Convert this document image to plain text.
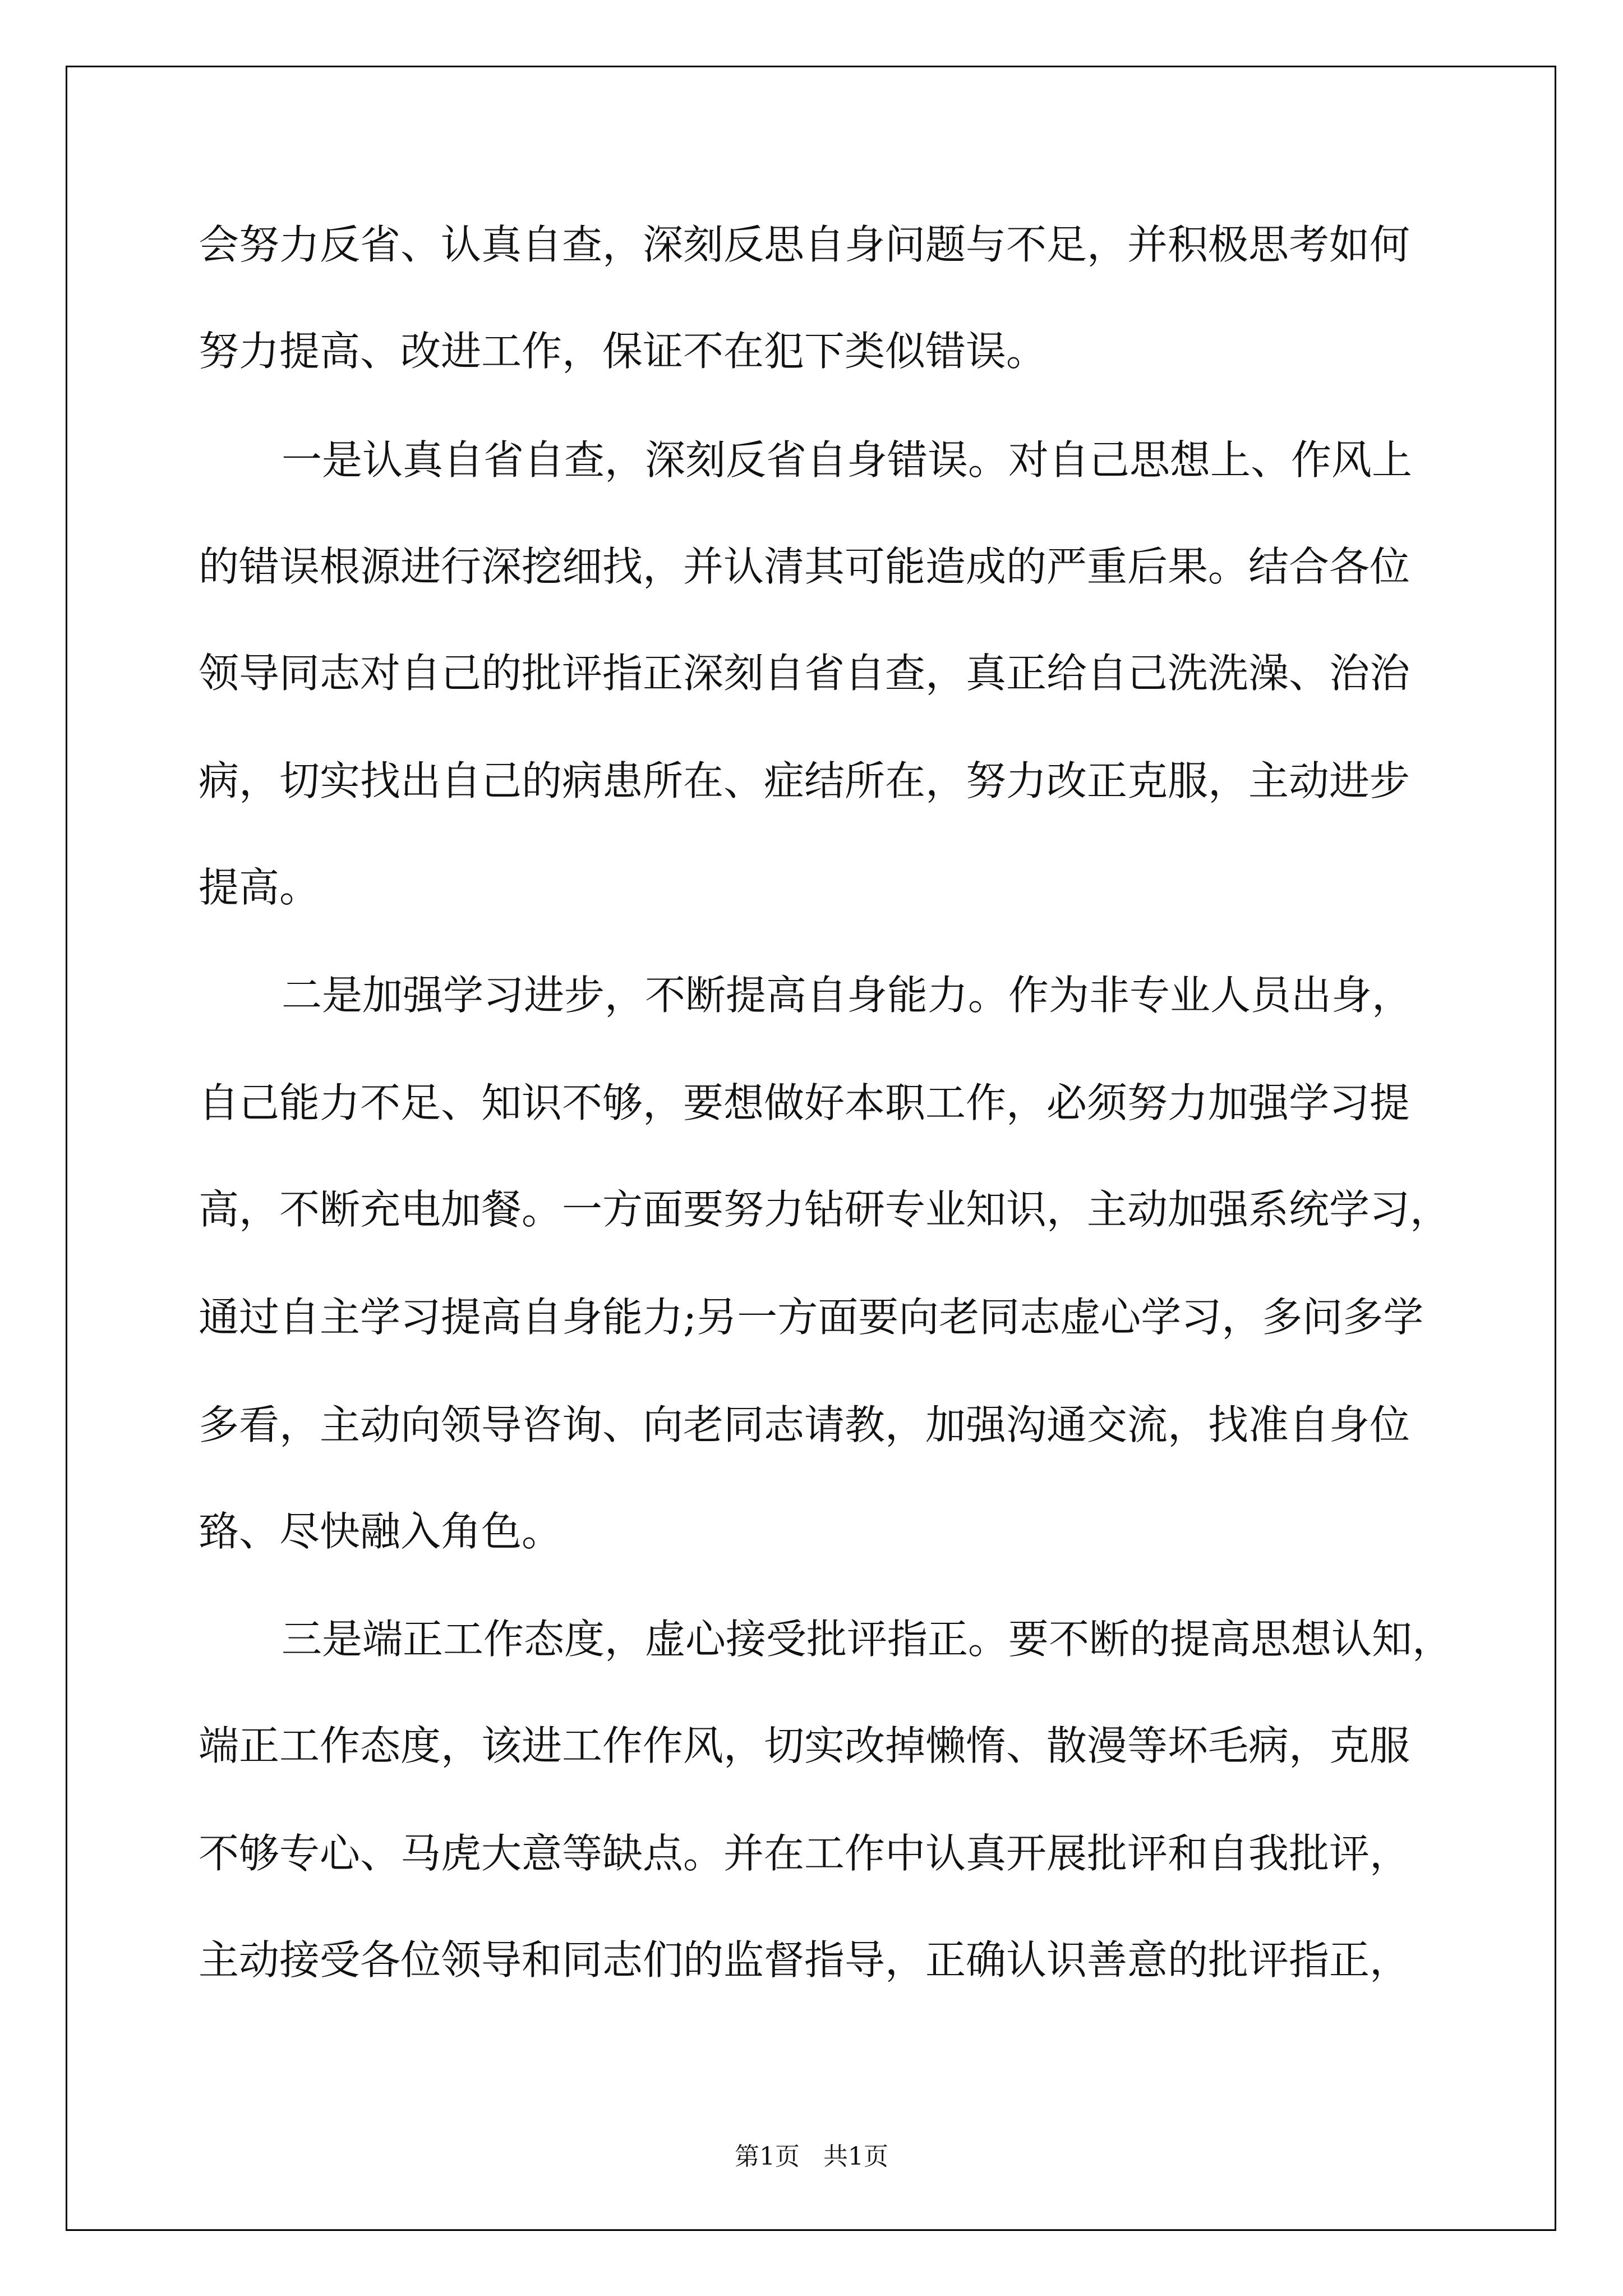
会努力反省、认真自查，深刻反思自身问题与不足，并积极思考如何
努力提高、改进工作，保证不在犯下类似错误。
一是认真自省自查，深刻反省自身错误。对自己思想上、作风上
的错误根源进行深挖细找，并认清其可能造成的严重后果。结合各位
领导同志对自己的批评指正深刻自省自查，真正给自己洗洗澡、治治
病，切实找出自己的病患所在、症结所在，努力改正克服，主动进步
提高。
二是加强学习进步，不断提高自身能力。作为非专业人员出身，
自己能力不足、知识不够，要想做好本职工作，必须努力加强学习提
高，不断充电加餐。一方面要努力钻研专业知识，主动加强系统学习，
通过自主学习提高自身能力;另一方面要向老同志虚心学习，多问多学
多看，主动向领导咨询、向老同志请教，加强沟通交流，找准自身位
臵、尽快融入角色。
三是端正工作态度，虚心接受批评指正。要不断的提高思想认知，
端正工作态度，该进工作作风，切实改掉懒惰、散漫等坏毛病，克服
不够专心、马虎大意等缺点。并在工作中认真开展批评和自我批评，
主动接受各位领导和同志们的监督指导，正确认识善意的批评指正，
第1页 共1页
